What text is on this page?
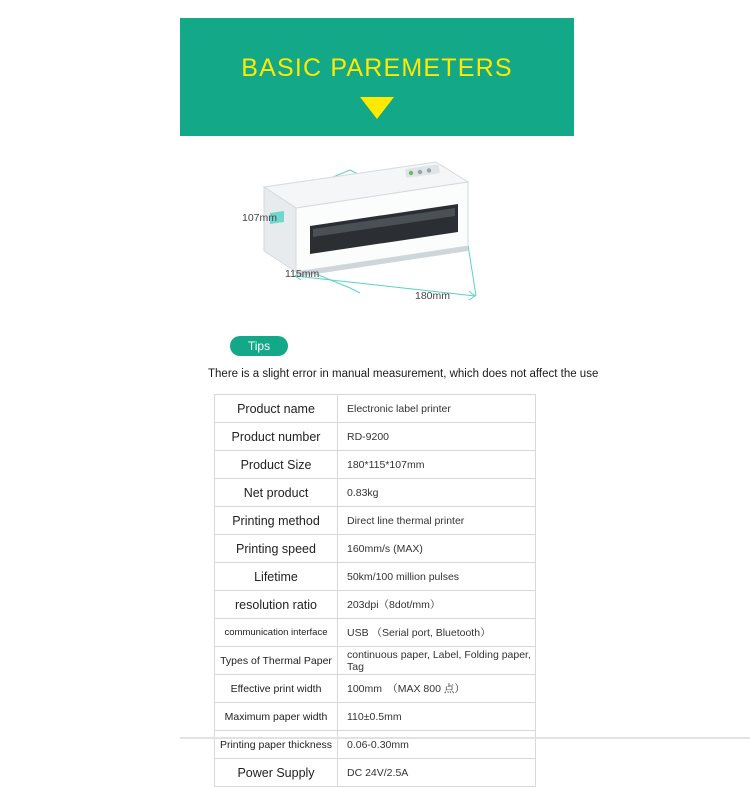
BASIC PAREMETERS
107mm
115mm
180mm
Tips
There is a slight error in manual measurement, which does not affect the use
Product name	Electronic label printer
Product number	RD-9200
Product Size	180*115*107mm
Net product	0.83kg
Printing method	Direct line thermal printer
Printing speed	160mm/s (MAX)
Lifetime	50km/100 million pulses
resolution ratio	203dpi（8dot/mm）
communication interface	USB （Serial port, Bluetooth）
Types of Thermal Paper	continuous paper, Label, Folding paper, Tag
Effective print width	100mm　（MAX 800 点）
Maximum paper width	110±0.5mm
Printing paper thickness	0.06-0.30mm
Power Supply	DC 24V/2.5A
